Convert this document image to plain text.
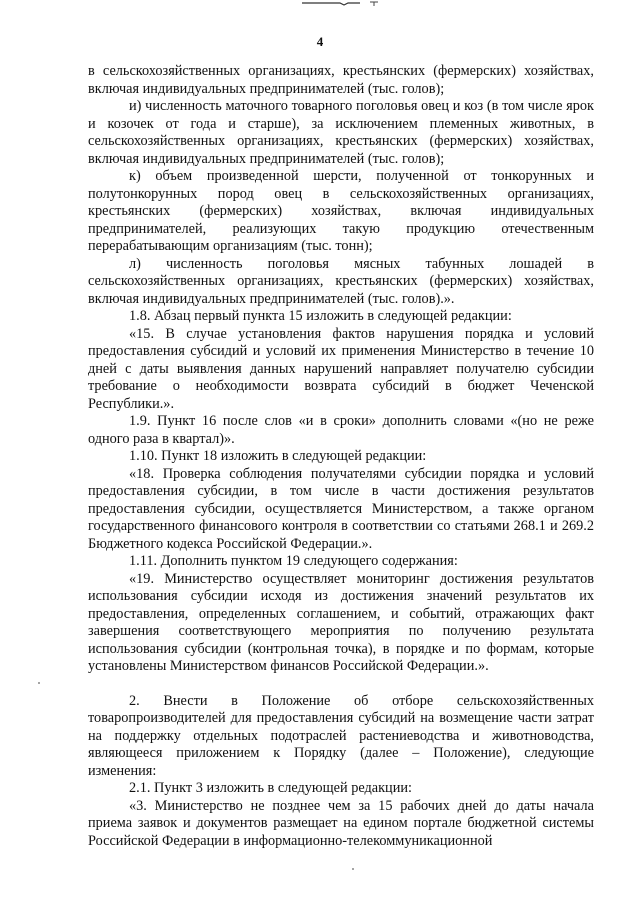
4

в сельскохозяйственных организациях, крестьянских (фермерских) хозяйствах, включая индивидуальных предпринимателей (тыс. голов);

и) численность маточного товарного поголовья овец и коз (в том числе ярок и козочек от года и старше), за исключением племенных животных, в сельскохозяйственных организациях, крестьянских (фермерских) хозяйствах, включая индивидуальных предпринимателей (тыс. голов);

к) объем произведенной шерсти, полученной от тонкорунных и полутонкорунных пород овец в сельскохозяйственных организациях, крестьянских (фермерских) хозяйствах, включая индивидуальных предпринимателей, реализующих такую продукцию отечественным перерабатывающим организациям (тыс. тонн);

л) численность поголовья мясных табунных лошадей в сельскохозяйственных организациях, крестьянских (фермерских) хозяйствах, включая индивидуальных предпринимателей (тыс. голов).».

1.8. Абзац первый пункта 15 изложить в следующей редакции:

«15. В случае установления фактов нарушения порядка и условий предоставления субсидий и условий их применения Министерство в течение 10 дней с даты выявления данных нарушений направляет получателю субсидии требование о необходимости возврата субсидий в бюджет Чеченской Республики.».

1.9. Пункт 16 после слов «и в сроки» дополнить словами «(но не реже одного раза в квартал)».

1.10. Пункт 18 изложить в следующей редакции:

«18. Проверка соблюдения получателями субсидии порядка и условий предоставления субсидии, в том числе в части достижения результатов предоставления субсидии, осуществляется Министерством, а также органом государственного финансового контроля в соответствии со статьями 268.1 и 269.2 Бюджетного кодекса Российской Федерации.».

1.11. Дополнить пунктом 19 следующего содержания:

«19. Министерство осуществляет мониторинг достижения результатов использования субсидии исходя из достижения значений результатов их предоставления, определенных соглашением, и событий, отражающих факт завершения соответствующего мероприятия по получению результата использования субсидии (контрольная точка), в порядке и по формам, которые установлены Министерством финансов Российской Федерации.».

2. Внести в Положение об отборе сельскохозяйственных товаропроизводителей для предоставления субсидий на возмещение части затрат на поддержку отдельных подотраслей растениеводства и животноводства, являющееся приложением к Порядку (далее – Положение), следующие изменения:

2.1. Пункт 3 изложить в следующей редакции:

«3. Министерство не позднее чем за 15 рабочих дней до даты начала приема заявок и документов размещает на едином портале бюджетной системы Российской Федерации в информационно-телекоммуникационной
